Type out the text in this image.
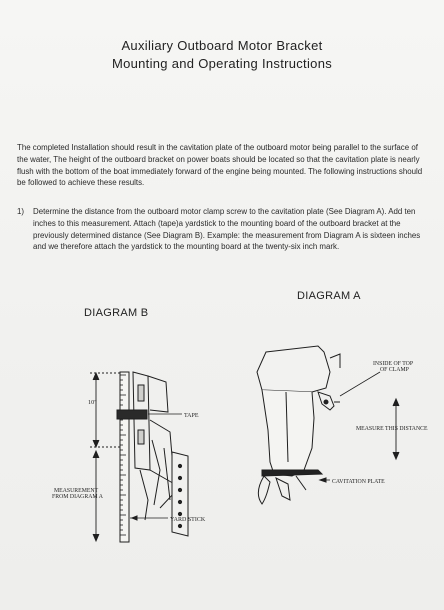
Auxiliary Outboard Motor Bracket
Mounting and Operating Instructions
The completed Installation should result in the cavitation plate of the outboard motor being parallel to the surface of the water, The height of the outboard bracket on power boats should be located so that the cavitation plate is nearly flush with the bottom of the boat immediately forward of the engine being mounted. The following instructions should be followed to achieve these results.
1)	Determine the distance from the outboard motor clamp screw to the cavitation plate (See Diagram A). Add ten inches to this measurement. Attach (tape)a yardstick to the mounting board of the outboard bracket at the previously determined distance (See Diagram B). Example: the measurement from Diagram A is sixteen inches and we therefore attach the yardstick to the mounting board at the twenty-six inch mark.
DIAGRAM A
DIAGRAM B
INSIDE OF TOP
OF CLAMP
MEASURE THIS DISTANCE
CAVITATION PLATE
10"
TAPE
MEASUREMENT
FROM DIAGRAM A
YARD STICK
